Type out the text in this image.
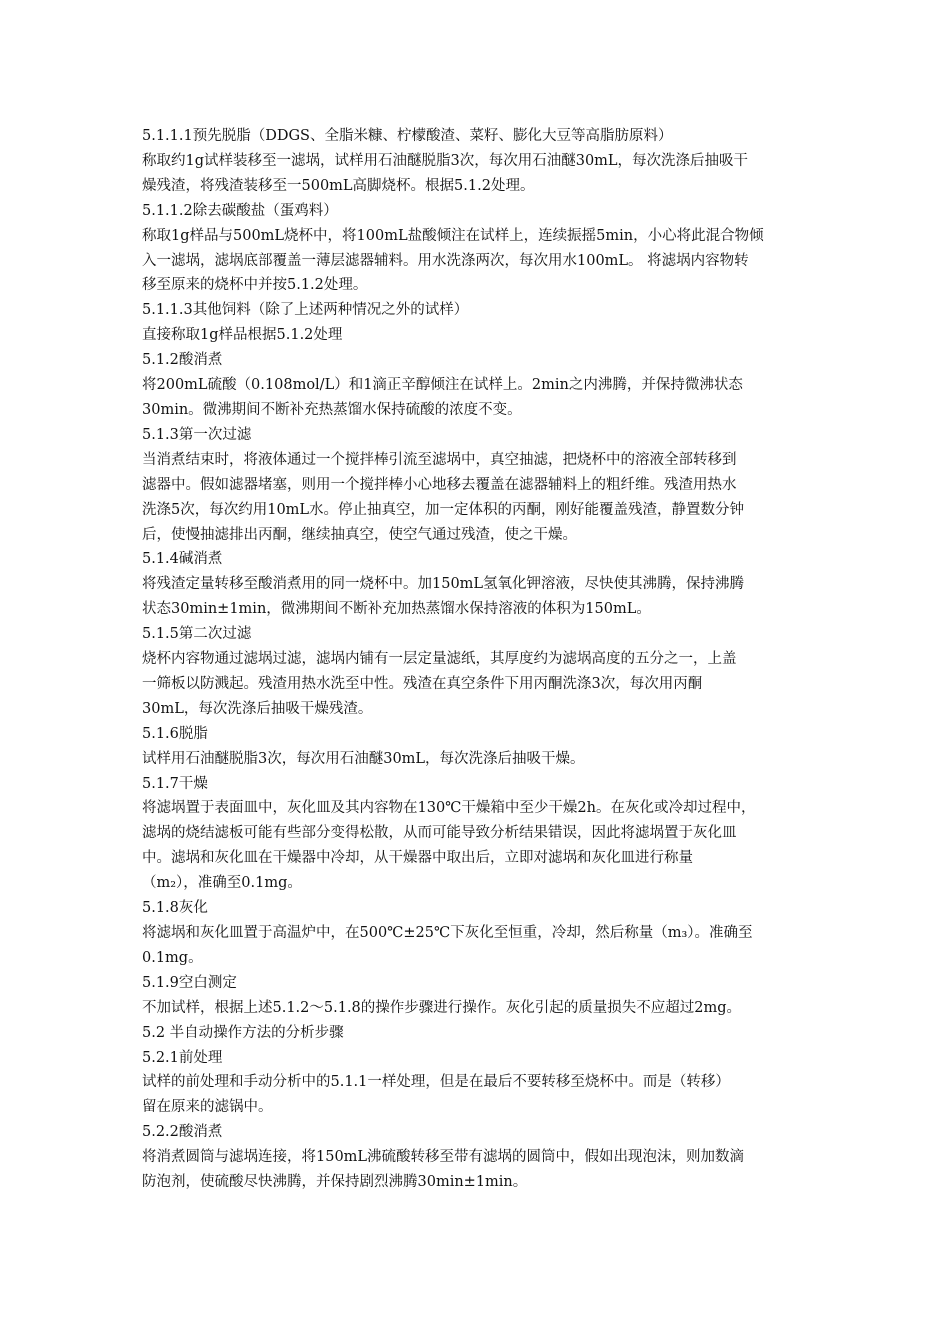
5.1.1.1预先脱脂（DDGS、全脂米糠、柠檬酸渣、菜籽、膨化大豆等高脂肪原料）
称取约1g试样装移至一滤埚，试样用石油醚脱脂3次，每次用石油醚30mL，每次洗涤后抽吸干
燥残渣，将残渣装移至一500mL高脚烧杯。根据5.1.2处理。
5.1.1.2除去碳酸盐（蛋鸡料）
称取1g样品与500mL烧杯中，将100mL盐酸倾注在试样上，连续振摇5min，小心将此混合物倾
入一滤埚，滤埚底部覆盖一薄层滤器辅料。用水洗涤两次，每次用水100mL。 将滤埚内容物转
移至原来的烧杯中并按5.1.2处理。
5.1.1.3其他饲料（除了上述两种情况之外的试样）
直接称取1g样品根据5.1.2处理
5.1.2酸消煮
将200mL硫酸（0.108mol/L）和1滴正辛醇倾注在试样上。2min之内沸腾，并保持微沸状态
30min。微沸期间不断补充热蒸馏水保持硫酸的浓度不变。
5.1.3第一次过滤
当消煮结束时，将液体通过一个搅拌棒引流至滤埚中，真空抽滤，把烧杯中的溶液全部转移到
滤器中。假如滤器堵塞，则用一个搅拌棒小心地移去覆盖在滤器辅料上的粗纤维。残渣用热水
洗涤5次，每次约用10mL水。停止抽真空，加一定体积的丙酮，刚好能覆盖残渣，静置数分钟
后，使慢抽滤排出丙酮，继续抽真空，使空气通过残渣，使之干燥。
5.1.4碱消煮
将残渣定量转移至酸消煮用的同一烧杯中。加150mL氢氧化钾溶液，尽快使其沸腾，保持沸腾
状态30min±1min，微沸期间不断补充加热蒸馏水保持溶液的体积为150mL。
5.1.5第二次过滤
烧杯内容物通过滤埚过滤，滤埚内铺有一层定量滤纸，其厚度约为滤埚高度的五分之一，上盖
一筛板以防溅起。残渣用热水洗至中性。残渣在真空条件下用丙酮洗涤3次，每次用丙酮
30mL，每次洗涤后抽吸干燥残渣。
5.1.6脱脂
试样用石油醚脱脂3次，每次用石油醚30mL，每次洗涤后抽吸干燥。
5.1.7干燥
将滤埚置于表面皿中，灰化皿及其内容物在130℃干燥箱中至少干燥2h。在灰化或冷却过程中，
滤埚的烧结滤板可能有些部分变得松散，从而可能导致分析结果错误，因此将滤埚置于灰化皿
中。滤埚和灰化皿在干燥器中冷却，从干燥器中取出后，立即对滤埚和灰化皿进行称量
（m₂），准确至0.1mg。
5.1.8灰化
将滤埚和灰化皿置于高温炉中，在500℃±25℃下灰化至恒重，冷却，然后称量（m₃）。准确至
0.1mg。
5.1.9空白测定
不加试样，根据上述5.1.2～5.1.8的操作步骤进行操作。灰化引起的质量损失不应超过2mg。
5.2 半自动操作方法的分析步骤
5.2.1前处理
试样的前处理和手动分析中的5.1.1一样处理，但是在最后不要转移至烧杯中。而是（转移）
留在原来的滤锅中。
5.2.2酸消煮
将消煮圆筒与滤埚连接，将150mL沸硫酸转移至带有滤埚的圆筒中，假如出现泡沫，则加数滴
防泡剂，使硫酸尽快沸腾，并保持剧烈沸腾30min±1min。
